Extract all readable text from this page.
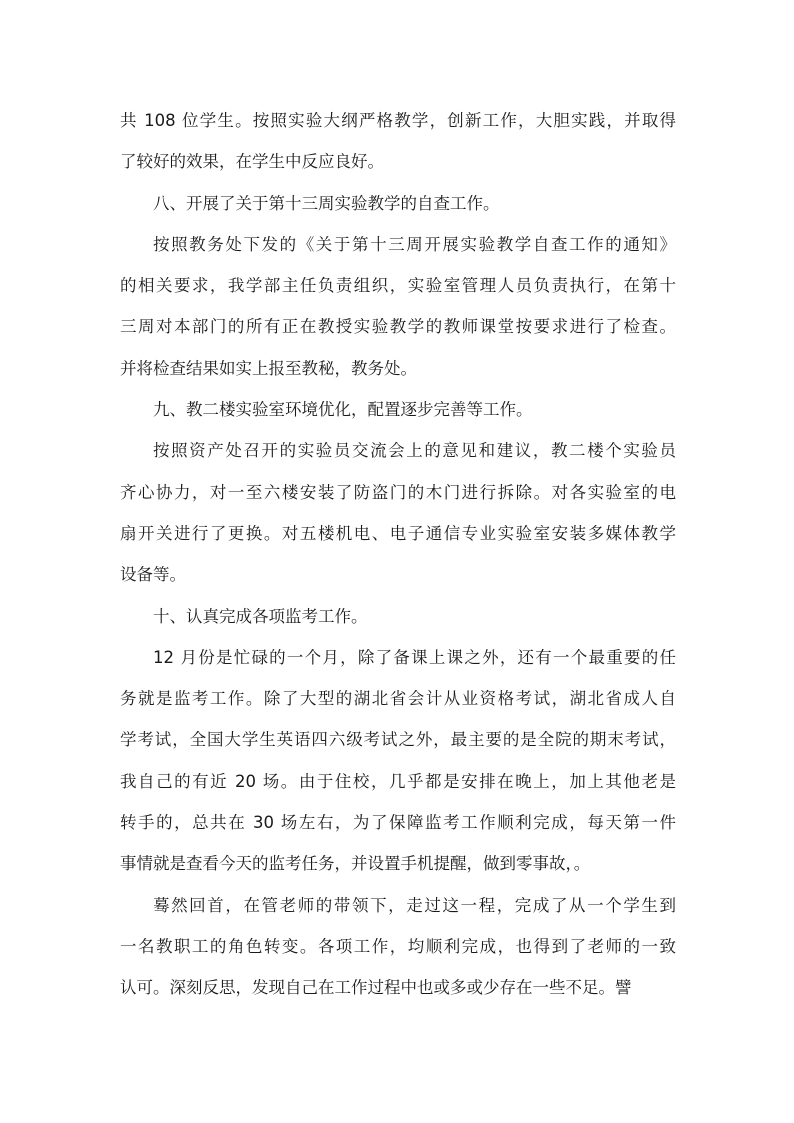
共 108 位学生。按照实验大纲严格教学，创新工作，大胆实践，并取得
了较好的效果，在学生中反应良好。

八、开展了关于第十三周实验教学的自查工作。

按照教务处下发的《关于第十三周开展实验教学自查工作的通知》
的相关要求，我学部主任负责组织，实验室管理人员负责执行，在第十
三周对本部门的所有正在教授实验教学的教师课堂按要求进行了检查。
并将检查结果如实上报至教秘，教务处。

九、教二楼实验室环境优化，配置逐步完善等工作。

按照资产处召开的实验员交流会上的意见和建议，教二楼个实验员
齐心协力，对一至六楼安装了防盗门的木门进行拆除。对各实验室的电
扇开关进行了更换。对五楼机电、电子通信专业实验室安装多媒体教学
设备等。

十、认真完成各项监考工作。

12 月份是忙碌的一个月，除了备课上课之外，还有一个最重要的任
务就是监考工作。除了大型的湖北省会计从业资格考试，湖北省成人自
学考试，全国大学生英语四六级考试之外，最主要的是全院的期末考试，
我自己的有近 20 场。由于住校，几乎都是安排在晚上，加上其他老是
转手的，总共在 30 场左右，为了保障监考工作顺利完成，每天第一件
事情就是查看今天的监考任务，并设置手机提醒，做到零事故，。

蓦然回首，在管老师的带领下，走过这一程，完成了从一个学生到
一名教职工的角色转变。各项工作，均顺利完成，也得到了老师的一致
认可。深刻反思，发现自己在工作过程中也或多或少存在一些不足。譬
